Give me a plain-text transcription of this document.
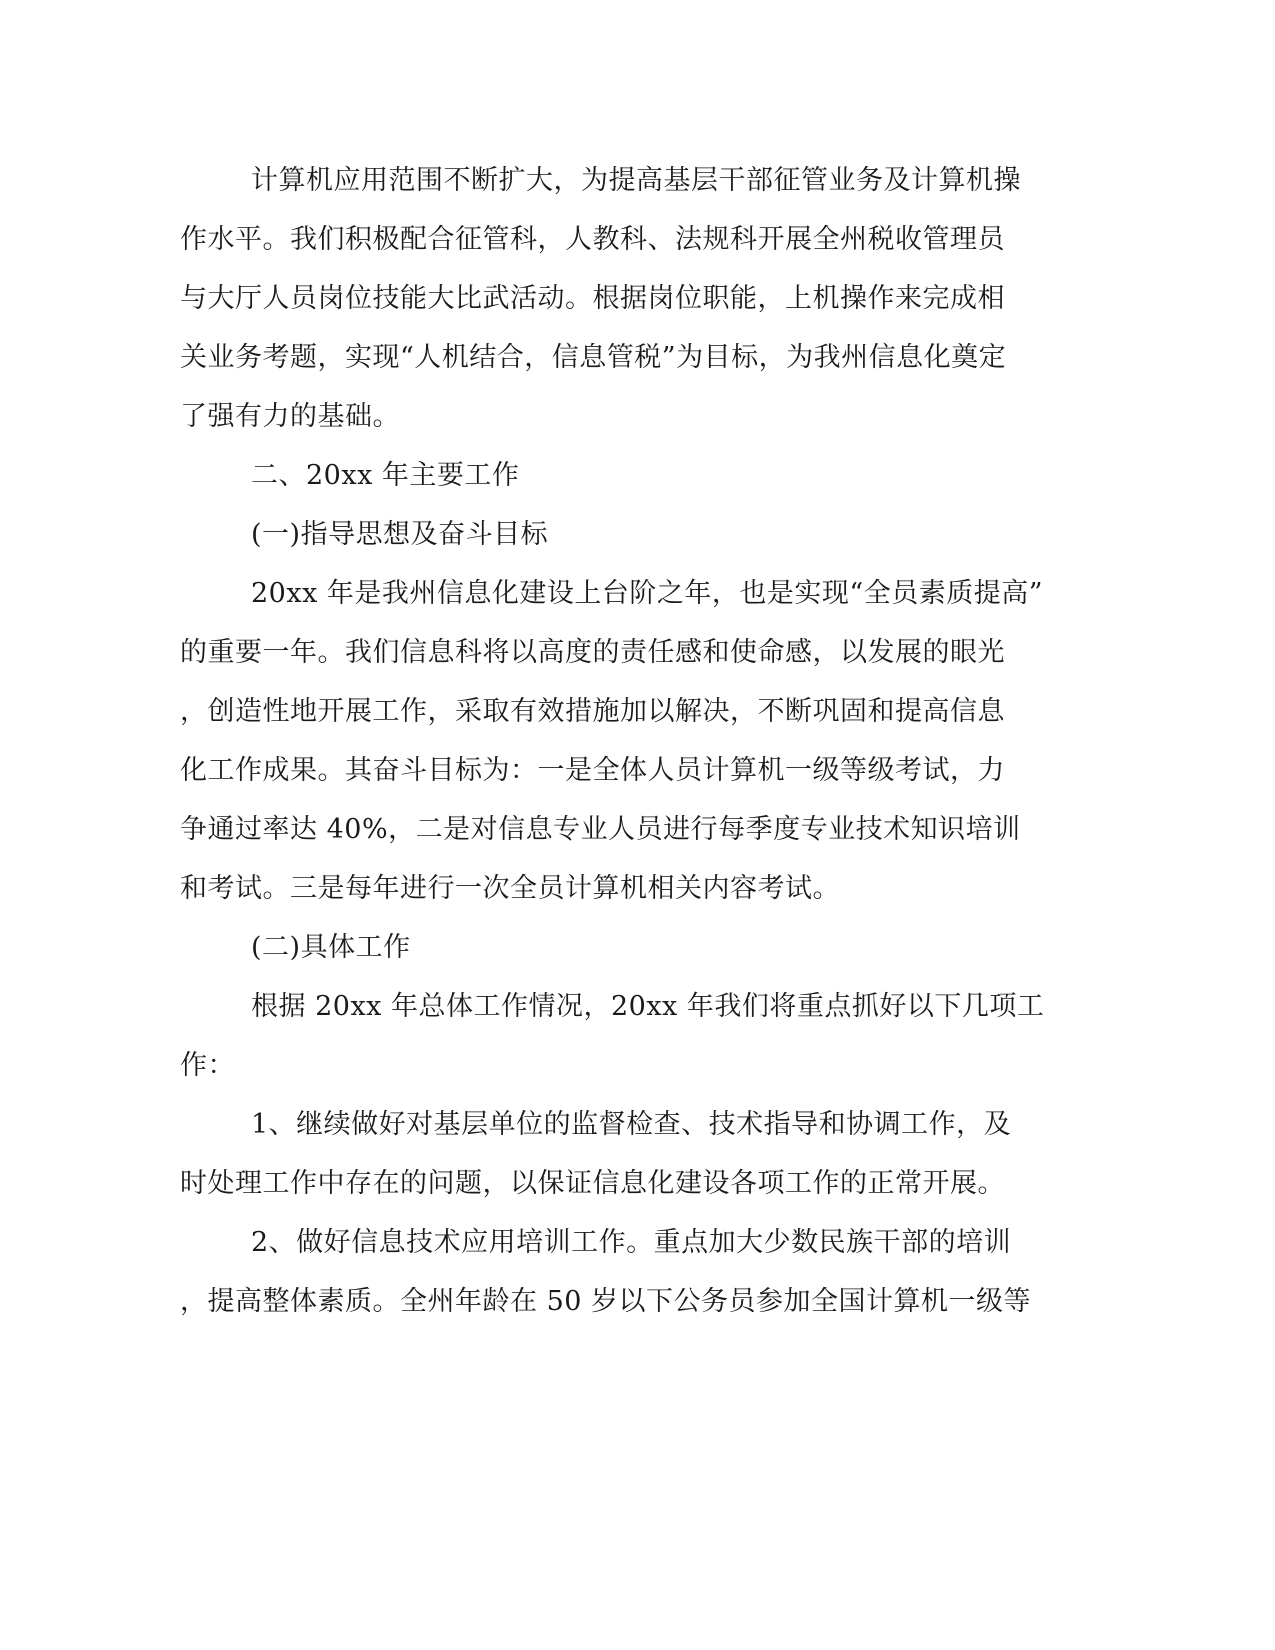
计算机应用范围不断扩大，为提高基层干部征管业务及计算机操
作水平。我们积极配合征管科，人教科、法规科开展全州税收管理员
与大厅人员岗位技能大比武活动。根据岗位职能，上机操作来完成相
关业务考题，实现“人机结合，信息管税”为目标，为我州信息化奠定
了强有力的基础。
二、20xx 年主要工作
(一)指导思想及奋斗目标
20xx 年是我州信息化建设上台阶之年，也是实现“全员素质提高”
的重要一年。我们信息科将以高度的责任感和使命感，以发展的眼光
，创造性地开展工作，采取有效措施加以解决，不断巩固和提高信息
化工作成果。其奋斗目标为：一是全体人员计算机一级等级考试，力
争通过率达 40%，二是对信息专业人员进行每季度专业技术知识培训
和考试。三是每年进行一次全员计算机相关内容考试。
(二)具体工作
根据 20xx 年总体工作情况，20xx 年我们将重点抓好以下几项工
作：
1、继续做好对基层单位的监督检查、技术指导和协调工作，及
时处理工作中存在的问题，以保证信息化建设各项工作的正常开展。
2、做好信息技术应用培训工作。重点加大少数民族干部的培训
，提高整体素质。全州年龄在 50 岁以下公务员参加全国计算机一级等
